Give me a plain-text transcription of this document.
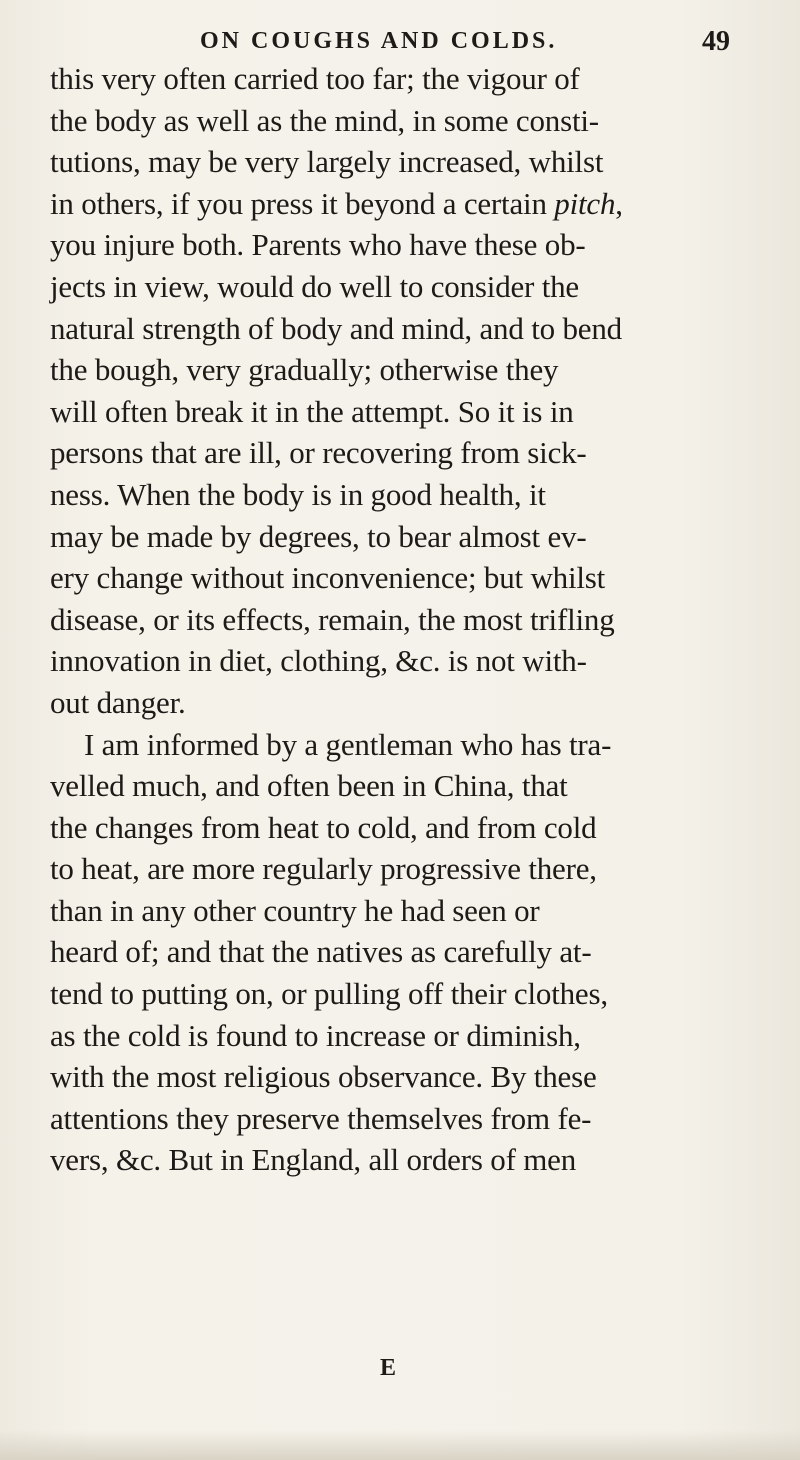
ON COUGHS AND COLDS.	49
this very often carried too far; the vigour of
the body as well as the mind, in some consti-
tutions, may be very largely increased, whilst
in others, if you press it beyond a certain pitch,
you injure both. Parents who have these ob-
jects in view, would do well to consider the
natural strength of body and mind, and to bend
the bough, very gradually; otherwise they
will often break it in the attempt. So it is in
persons that are ill, or recovering from sick-
ness. When the body is in good health, it
may be made by degrees, to bear almost ev-
ery change without inconvenience; but whilst
disease, or its effects, remain, the most trifling
innovation in diet, clothing, &c. is not with-
out danger.
I am informed by a gentleman who has tra-
velled much, and often been in China, that
the changes from heat to cold, and from cold
to heat, are more regularly progressive there,
than in any other country he had seen or
heard of; and that the natives as carefully at-
tend to putting on, or pulling off their clothes,
as the cold is found to increase or diminish,
with the most religious observance. By these
attentions they preserve themselves from fe-
vers, &c. But in England, all orders of men
E
